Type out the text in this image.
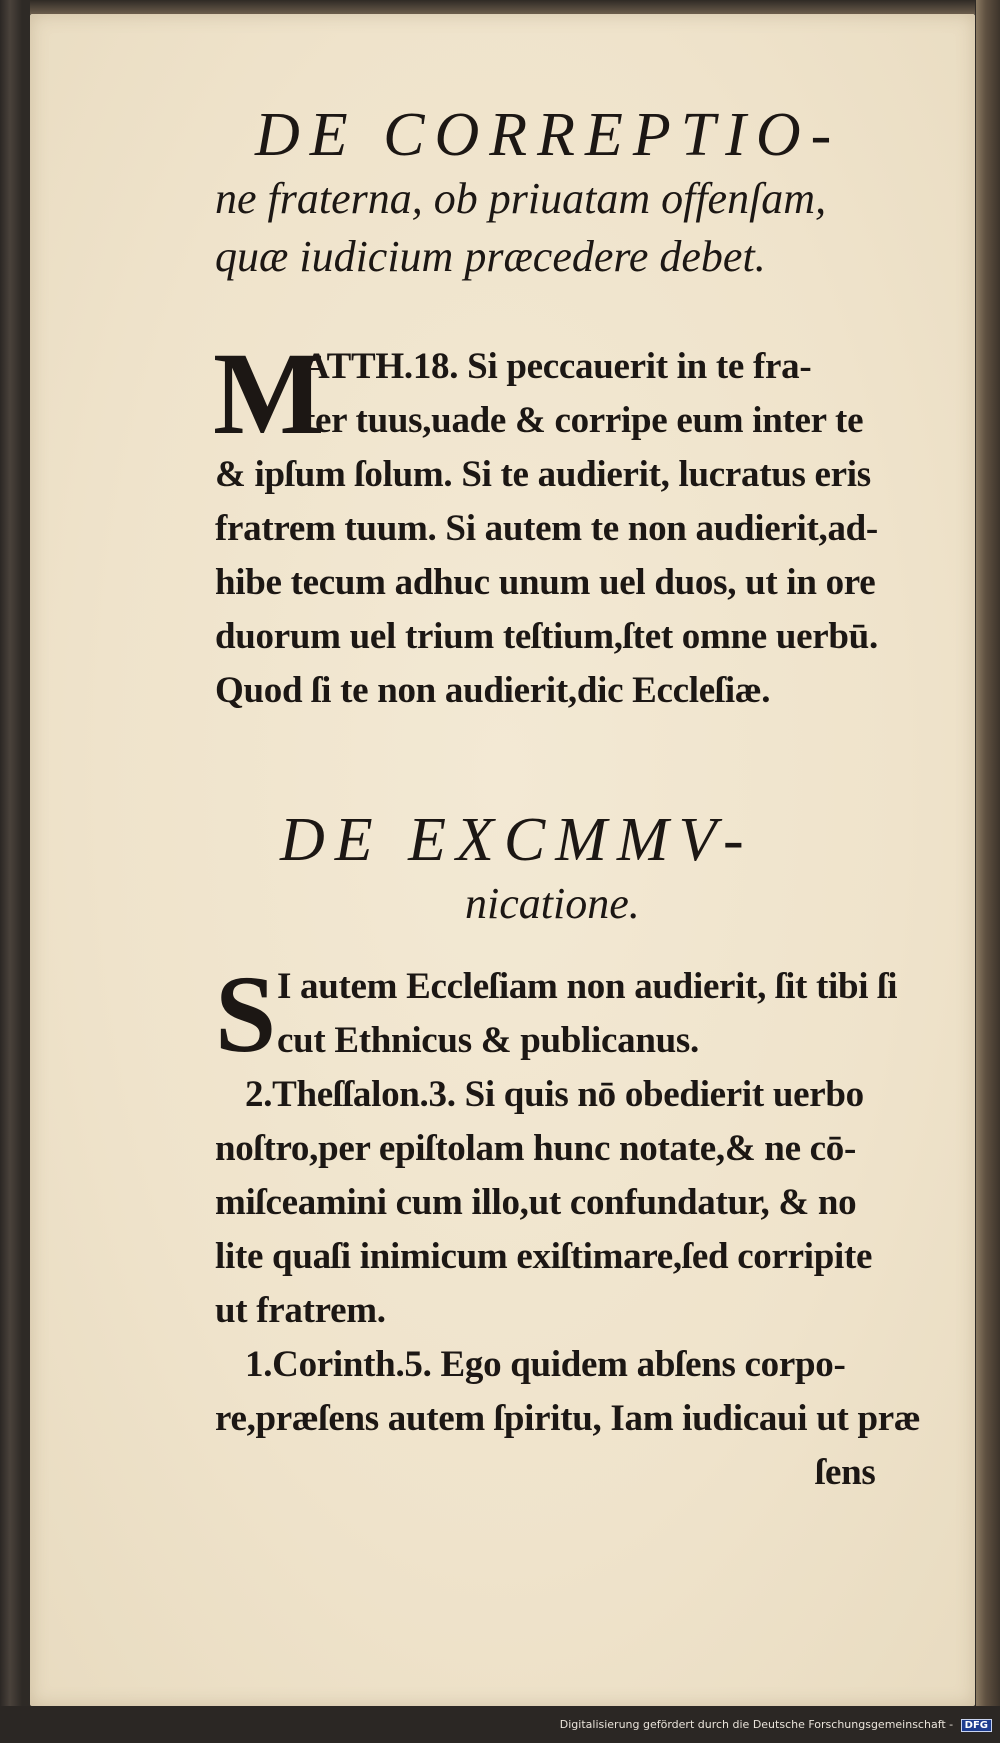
DE CORREPTIO-

ne fraterna, ob priuatam offenſam,

quæ iudicium præcedere debet.

M

ATTH.18. Si peccauerit in te fra-
ter tuus,uade & corripe eum inter te
& ipſum ſolum. Si te audierit, lucratus eris
fratrem tuum. Si autem te non audierit,ad-
hibe tecum adhuc unum uel duos, ut in ore
duorum uel trium teſtium,ſtet omne uerbū.
Quod ſi te non audierit,dic Eccleſiæ.

DE EXCMMV-

nicatione.

S I autem Eccleſiam non audierit, ſit tibi ſi
cut Ethnicus & publicanus.
2.Theſſalon.3. Si quis nō obedierit uerbo
noſtro,per epiſtolam hunc notate,& ne cō-
miſceamini cum illo,ut confundatur, & no
lite quaſi inimicum exiſtimare,ſed corripite
ut fratrem.
1.Corinth.5. Ego quidem abſens corpo-
re,præſens autem ſpiritu, Iam iudicaui ut præ
ſens

Digitalisierung gefördert durch die Deutsche Forschungsgemeinschaft - DFG
